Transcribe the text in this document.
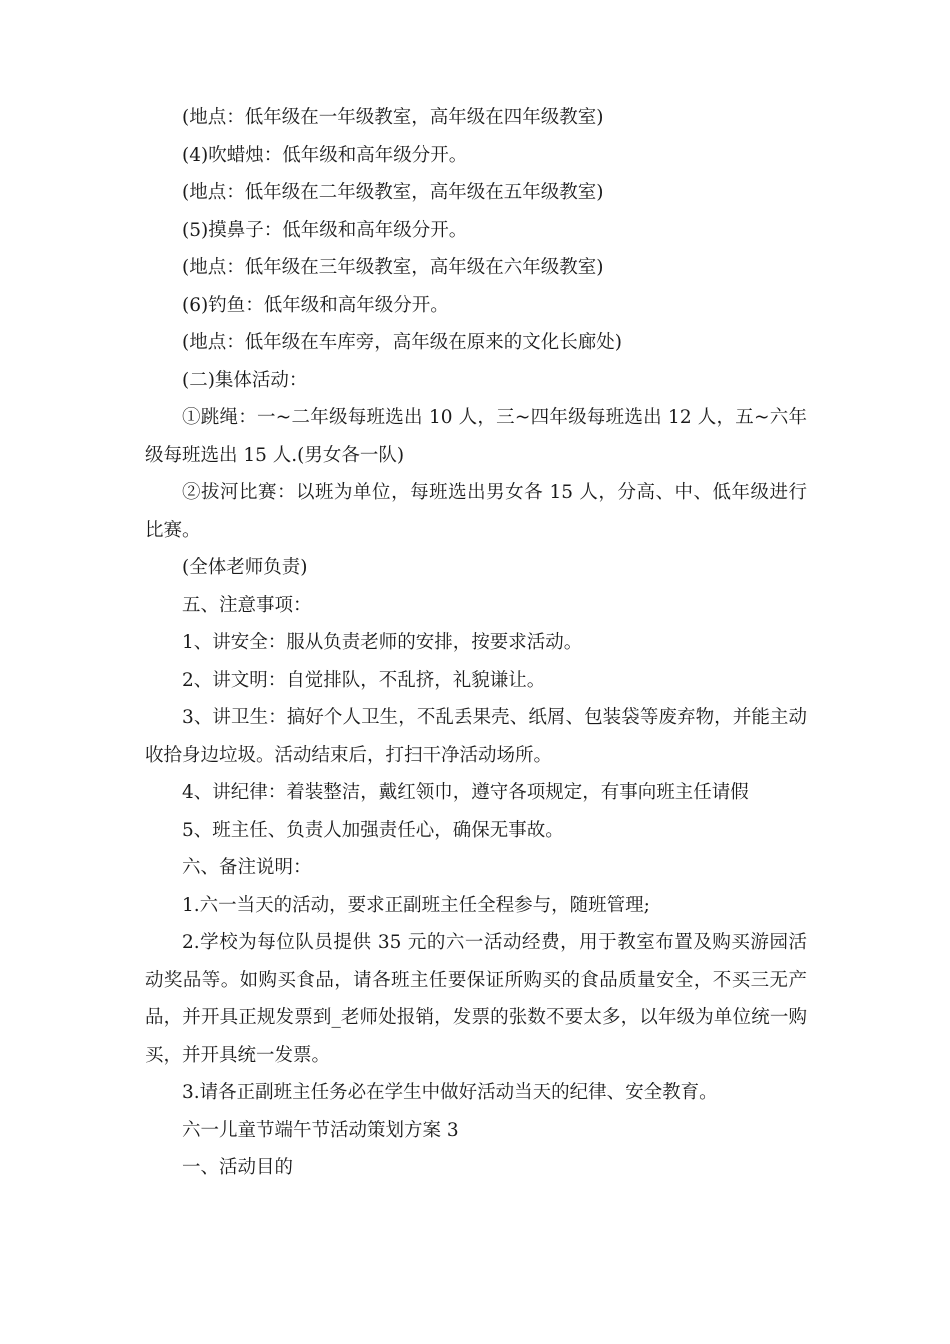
(地点：低年级在一年级教室，高年级在四年级教室)

(4)吹蜡烛：低年级和高年级分开。

(地点：低年级在二年级教室，高年级在五年级教室)

(5)摸鼻子：低年级和高年级分开。

(地点：低年级在三年级教室，高年级在六年级教室)

(6)钓鱼：低年级和高年级分开。

(地点：低年级在车库旁，高年级在原来的文化长廊处)

(二)集体活动：

①跳绳：一~二年级每班选出 10 人，三~四年级每班选出 12 人，五~六年级每班选出 15 人.(男女各一队)

②拔河比赛：以班为单位，每班选出男女各 15 人，分高、中、低年级进行比赛。

(全体老师负责)

五、注意事项：

1、讲安全：服从负责老师的安排，按要求活动。

2、讲文明：自觉排队，不乱挤，礼貌谦让。

3、讲卫生：搞好个人卫生，不乱丢果壳、纸屑、包装袋等废弃物，并能主动收拾身边垃圾。活动结束后，打扫干净活动场所。

4、讲纪律：着装整洁，戴红领巾，遵守各项规定，有事向班主任请假

5、班主任、负责人加强责任心，确保无事故。

六、备注说明：

1.六一当天的活动，要求正副班主任全程参与，随班管理;

2.学校为每位队员提供 35 元的六一活动经费，用于教室布置及购买游园活动奖品等。如购买食品，请各班主任要保证所购买的食品质量安全，不买三无产品，并开具正规发票到_老师处报销，发票的张数不要太多，以年级为单位统一购买，并开具统一发票。

3.请各正副班主任务必在学生中做好活动当天的纪律、安全教育。

六一儿童节端午节活动策划方案 3

一、活动目的
